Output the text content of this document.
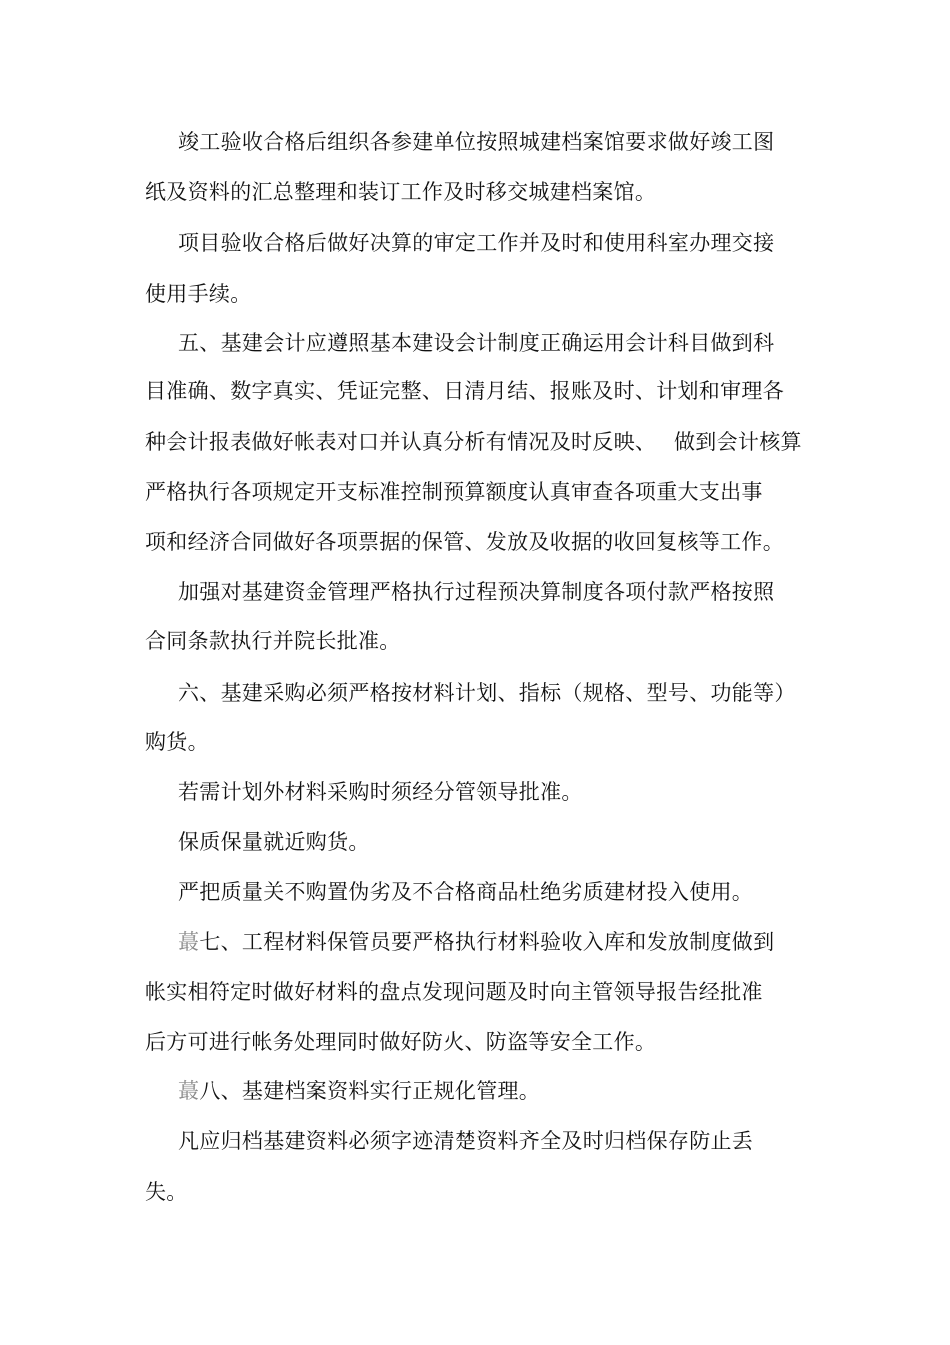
竣工验收合格后组织各参建单位按照城建档案馆要求做好竣工图
纸及资料的汇总整理和装订工作及时移交城建档案馆。
项目验收合格后做好决算的审定工作并及时和使用科室办理交接
使用手续。
五、基建会计应遵照基本建设会计制度正确运用会计科目做到科
目准确、数字真实、凭证完整、日清月结、报账及时、计划和审理各
种会计报表做好帐表对口并认真分析有情况及时反映、 做到会计核算
严格执行各项规定开支标准控制预算额度认真审查各项重大支出事
项和经济合同做好各项票据的保管、发放及收据的收回复核等工作。
加强对基建资金管理严格执行过程预决算制度各项付款严格按照
合同条款执行并院长批准。
六、基建采购必须严格按材料计划、指标（规格、型号、功能等）
购货。
若需计划外材料采购时须经分管领导批准。
保质保量就近购货。
严把质量关不购置伪劣及不合格商品杜绝劣质建材投入使用。
蕞七、工程材料保管员要严格执行材料验收入库和发放制度做到
帐实相符定时做好材料的盘点发现问题及时向主管领导报告经批准
后方可进行帐务处理同时做好防火、防盗等安全工作。
蕞八、基建档案资料实行正规化管理。
凡应归档基建资料必须字迹清楚资料齐全及时归档保存防止丢
失。
